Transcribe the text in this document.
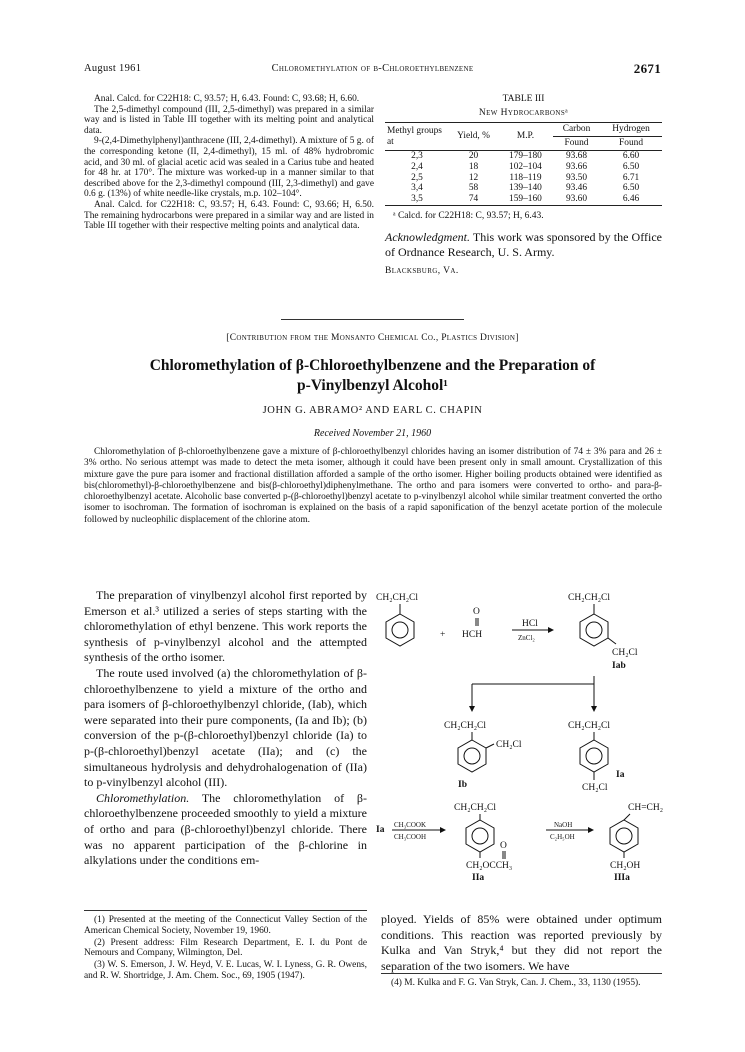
August 1961	Chloromethylation of β-Chloroethylbenzene	2671

Anal. Calcd. for C22H18: C, 93.57; H, 6.43. Found: C, 93.68; H, 6.60.

The 2,5-dimethyl compound (III, 2,5-dimethyl) was prepared in a similar way and is listed in Table III together with its melting point and analytical data.

9-(2,4-Dimethylphenyl)anthracene (III, 2,4-dimethyl). A mixture of 5 g. of the corresponding ketone (II, 2,4-dimethyl), 15 ml. of 48% hydrobromic acid, and 30 ml. of glacial acetic acid was sealed in a Carius tube and heated for 48 hr. at 170°. The mixture was worked-up in a manner similar to that described above for the 2,3-dimethyl compound (III, 2,3-dimethyl) and gave 0.6 g. (13%) of white needle-like crystals, m.p. 102–104°.

Anal. Calcd. for C22H18: C, 93.57; H, 6.43. Found: C, 93.66; H, 6.50. The remaining hydrocarbons were prepared in a similar way and are listed in Table III together with their respective melting points and analytical data.

TABLE III
New Hydrocarbonsᵃ
Methyl groups at	Yield, %	M.P.	Carbon	Hydrogen
			Found	Found
2,3	20	179–180	93.68	6.60
2,4	18	102–104	93.66	6.50
2,5	12	118–119	93.50	6.71
3,4	58	139–140	93.46	6.50
3,5	74	159–160	93.60	6.46
ᵃ Calcd. for C22H18: C, 93.57; H, 6.43.
Acknowledgment. This work was sponsored by the Office of Ordnance Research, U. S. Army.
Blacksburg, Va.
[Contribution from the Monsanto Chemical Co., Plastics Division]
Chloromethylation of β-Chloroethylbenzene and the Preparation of
p-Vinylbenzyl Alcohol¹
JOHN G. ABRAMO² AND EARL C. CHAPIN
Received November 21, 1960

Chloromethylation of β-chloroethylbenzene gave a mixture of β-chloroethylbenzyl chlorides having an isomer distribution of 74 ± 3% para and 26 ± 3% ortho. No serious attempt was made to detect the meta isomer, although it could have been present only in small amount. Crystallization of this mixture gave the pure para isomer and fractional distillation afforded a sample of the ortho isomer. Higher boiling products obtained were identified as bis(chloromethyl)-β-chloroethylbenzene and bis(β-chloroethyl)diphenylmethane. The ortho and para isomers were converted to ortho- and para-β-chloroethylbenzyl acetate. Alcoholic base converted p-(β-chloroethyl)benzyl acetate to p-vinylbenzyl alcohol while similar treatment converted the ortho isomer to isochroman. The formation of isochroman is explained on the basis of a rapid saponification of the benzyl acetate portion of the molecule followed by nucleophilic displacement of the chlorine atom.

The preparation of vinylbenzyl alcohol first reported by Emerson et al.³ utilized a series of steps starting with the chloromethylation of ethyl benzene. This work reports the synthesis of p-vinylbenzyl alcohol and the attempted synthesis of the ortho isomer.

The route used involved (a) the chloromethylation of β-chloroethylbenzene to yield a mixture of the ortho and para isomers of β-chloroethylbenzyl chloride, (Iab), which were separated into their pure components, (Ia and Ib); (b) conversion of the p-(β-chloroethyl)benzyl chloride (Ia) to p-(β-chloroethyl)benzyl acetate (IIa); and (c) the simultaneous hydrolysis and dehydrohalogenation of (IIa) to p-vinylbenzyl alcohol (III).

Chloromethylation. The chloromethylation of β-chloroethylbenzene proceeded smoothly to yield a mixture of ortho and para (β-chloroethyl)benzyl chloride. There was no apparent participation of the β-chlorine in alkylations under the conditions em-

CH₂CH₂Cl
+
O
HCH
HCl
ZnCl₂
CH₂CH₂Cl
CH₂Cl
Iab
CH₂CH₂Cl
CH₂Cl
Ib
CH₂CH₂Cl
CH₂Cl
Ia
Ia CH₃COOK
CH₃COOH
CH₂CH₂Cl
O
CH₂OCCH₃
IIa
NaOH
C₂H₅OH
CH=CH₂
CH₂OH
IIIa

(1) Presented at the meeting of the Connecticut Valley Section of the American Chemical Society, November 19, 1960.

(2) Present address: Film Research Department, E. I. du Pont de Nemours and Company, Wilmington, Del.

(3) W. S. Emerson, J. W. Heyd, V. E. Lucas, W. I. Lyness, G. R. Owens, and R. W. Shortridge, J. Am. Chem. Soc., 69, 1905 (1947).

ployed. Yields of 85% were obtained under optimum conditions. This reaction was reported previously by Kulka and Van Stryk,⁴ but they did not report the separation of the two isomers. We have

(4) M. Kulka and F. G. Van Stryk, Can. J. Chem., 33, 1130 (1955).
